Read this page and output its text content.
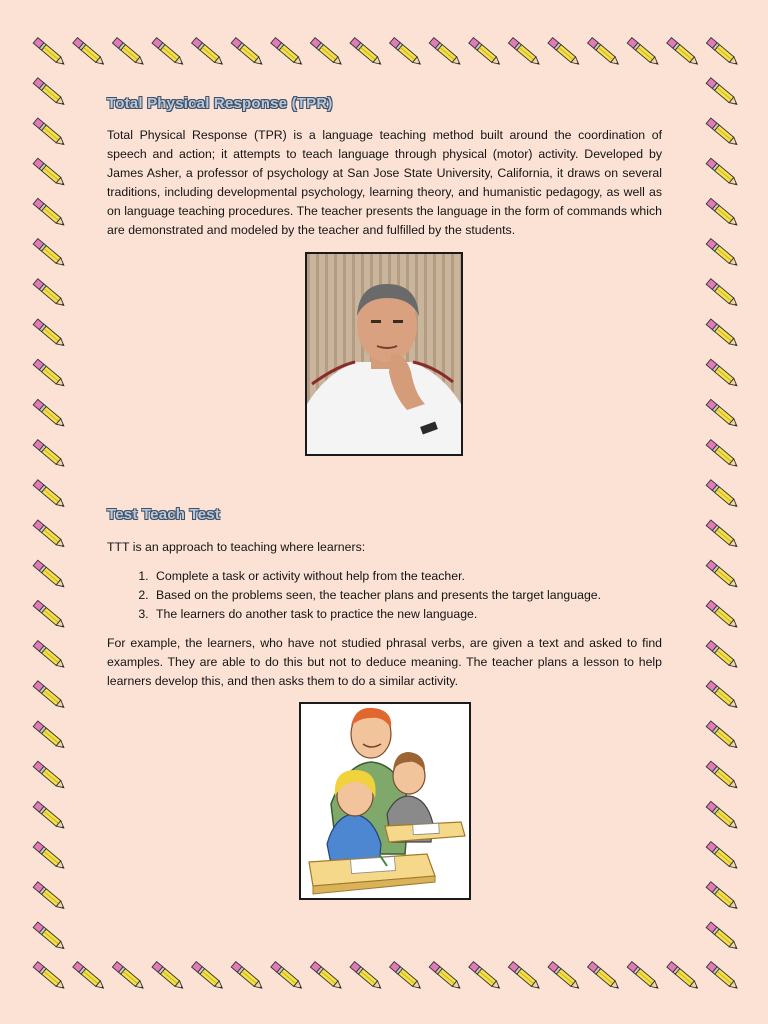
Total Physical Response (TPR)

Total Physical Response (TPR) is a language teaching method built around the coordination of speech and action; it attempts to teach language through physical (motor) activity. Developed by James Asher, a professor of psychology at San Jose State University, California, it draws on several traditions, including developmental psychology, learning theory, and humanistic pedagogy, as well as on language teaching procedures. The teacher presents the language in the form of commands which are demonstrated and modeled by the teacher and fulfilled by the students.

Test Teach Test

TTT is an approach to teaching where learners:

1. Complete a task or activity without help from the teacher.
2. Based on the problems seen, the teacher plans and presents the target language.
3. The learners do another task to practice the new language.

For example, the learners, who have not studied phrasal verbs, are given a text and asked to find examples. They are able to do this but not to deduce meaning. The teacher plans a lesson to help learners develop this, and then asks them to do a similar activity.
